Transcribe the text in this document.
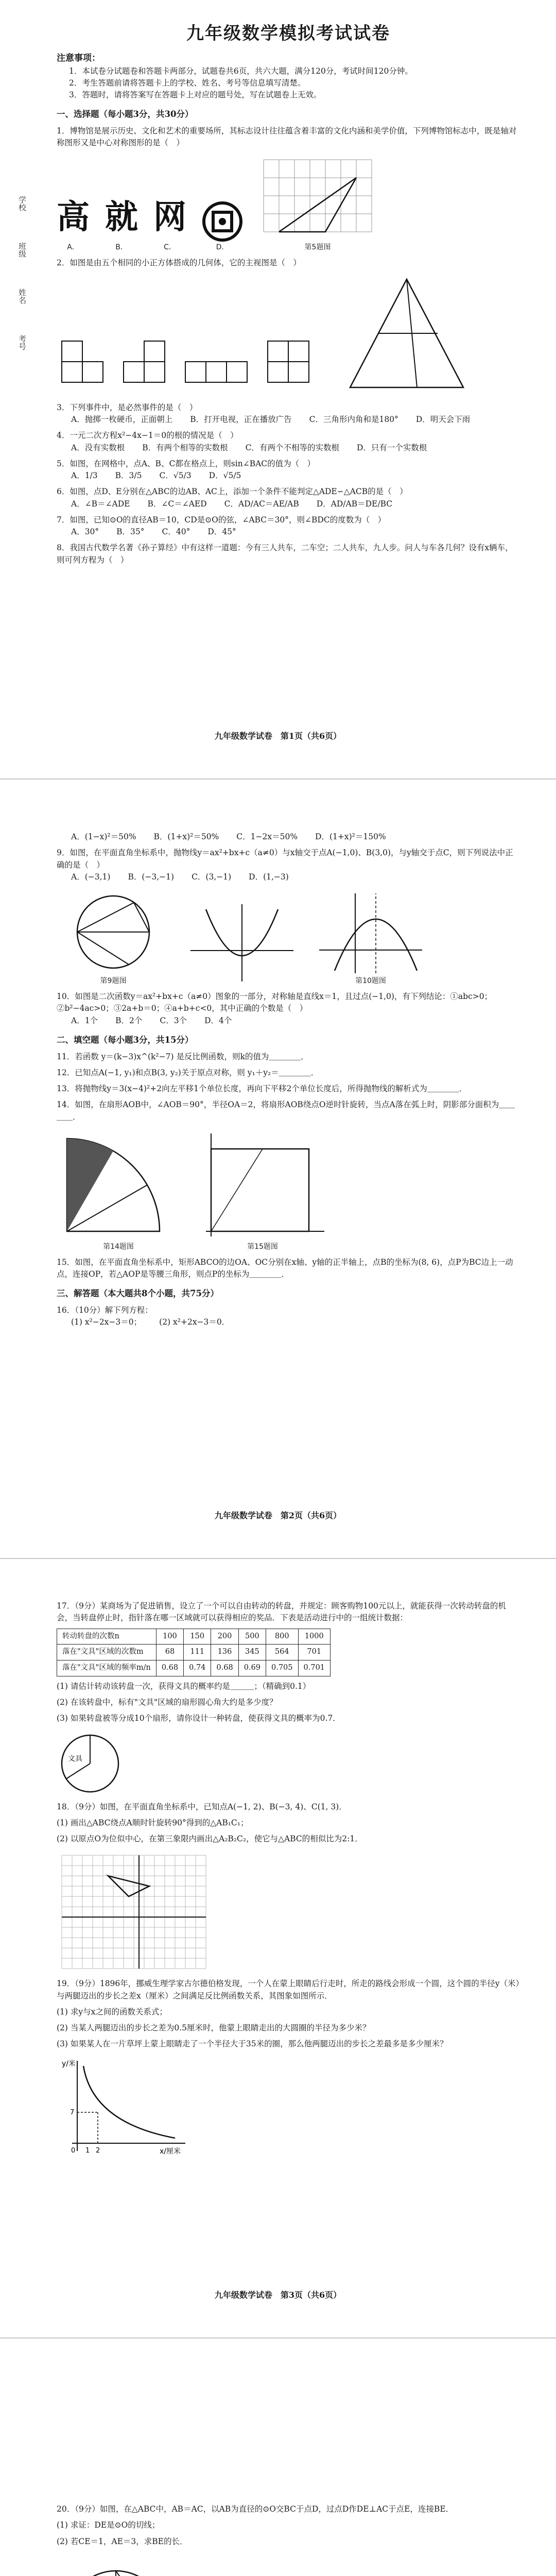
学校
班级
姓名
考号
九年级数学模拟考试试卷
注意事项：

1．本试卷分试题卷和答题卡两部分，试题卷共6页，共六大题，满分120分，考试时间120分钟。

2．考生答题前请将答题卡上的学校、姓名、考号等信息填写清楚。

3．答题时，请将答案写在答题卡上对应的题号处，写在试题卷上无效。

一、选择题（每小题3分，共30分）
1．博物馆是展示历史、文化和艺术的重要场所，其标志设计往往蕴含着丰富的文化内涵和美学价值，下列博物馆标志中，既是轴对称图形又是中心对称图形的是（　）
高
A．
就
B．
网
C．	D．	第5题图
2．如图是由五个相同的小正方体搭成的几何体，它的主视图是（　）
3．下列事件中，是必然事件的是（　）
A．抛掷一枚硬币，正面朝上 B．打开电视，正在播放广告 C．三角形内角和是180° D．明天会下雨
4．一元二次方程x²−4x−1＝0的根的情况是（　）
A．没有实数根 B．有两个相等的实数根 C．有两个不相等的实数根 D．只有一个实数根
5．如图，在网格中，点A、B、C都在格点上，则sin∠BAC的值为（　）
A．1/3 B．3/5 C．√5/3 D．√5/5
6．如图，点D、E分别在△ABC的边AB、AC上，添加一个条件不能判定△ADE∽△ACB的是（　）
A．∠B＝∠ADE B．∠C＝∠AED C．AD/AC＝AE/AB D．AD/AB＝DE/BC
7．如图，已知⊙O的直径AB＝10，CD是⊙O的弦，∠ABC＝30°，则∠BDC的度数为（　）
A．30° B．35° C．40° D．45°
8．我国古代数学名著《孙子算经》中有这样一道题：今有三人共车，二车空；二人共车，九人步。问人与车各几何？设有x辆车，则可列方程为（　）
九年级数学试卷　第1页（共6页）
A．(1−x)²＝50% B．(1+x)²＝50% C．1−2x＝50% D．(1+x)²＝150%
9．如图，在平面直角坐标系中，抛物线y＝ax²+bx+c（a≠0）与x轴交于点A(−1,0)、B(3,0)，与y轴交于点C，则下列说法中正确的是（　）
A．(−3,1) B．(−3,−1) C．(3,−1) D．(1,−3)
第9题图	第10题图
10．如图是二次函数y＝ax²+bx+c（a≠0）图象的一部分，对称轴是直线x＝1，且过点(−1,0)，有下列结论：①abc>0；②b²−4ac>0；③2a+b＝0；④a+b+c<0，其中正确的个数是（　）
A．1个 B．2个 C．3个 D．4个
二、填空题（每小题3分，共15分）
11．若函数 y＝(k−3)x^(k²−7) 是反比例函数，则k的值为＿＿＿＿．
12．已知点A(−1, y₁)和点B(3, y₂)关于原点对称，则 y₁＋y₂＝＿＿＿＿．
13．将抛物线y＝3(x−4)²+2向左平移1个单位长度，再向下平移2个单位长度后，所得抛物线的解析式为＿＿＿＿．
14．如图，在扇形AOB中，∠AOB＝90°，半径OA＝2，将扇形AOB绕点O逆时针旋转，当点A落在弧上时，阴影部分面积为＿＿＿＿．
第14题图	第15题图
15．如图，在平面直角坐标系中，矩形ABCO的边OA、OC分别在x轴、y轴的正半轴上，点B的坐标为(8, 6)，点P为BC边上一动点，连接OP，若△AOP是等腰三角形，则点P的坐标为＿＿＿＿．
三、解答题（本大题共8个小题，共75分）
16．（10分）解下列方程：
(1) x²−2x−3＝0； (2) x²+2x−3＝0．
九年级数学试卷　第2页（共6页）
17．（9分）某商场为了促进销售，设立了一个可以自由转动的转盘，并规定：顾客购物100元以上，就能获得一次转动转盘的机会，当转盘停止时，指针落在哪一区域就可以获得相应的奖品．下表是活动进行中的一组统计数据：
转动转盘的次数n	100	150	200	500	800	1000
落在"文具"区域的次数m	68	111	136	345	564	701
落在"文具"区域的频率m/n	0.68	0.74	0.68	0.69	0.705	0.701
(1) 请估计转动该转盘一次，获得文具的概率约是＿＿＿；（精确到0.1）
(2) 在该转盘中，标有"文具"区域的扇形圆心角大约是多少度？
(3) 如果转盘被等分成10个扇形，请你设计一种转盘，使获得文具的概率为0.7．
文具
18．（9分）如图，在平面直角坐标系中，已知点A(−1, 2)、B(−3, 4)、C(1, 3)．
(1) 画出△ABC绕点A顺时针旋转90°得到的△AB₁C₁；
(2) 以原点O为位似中心，在第三象限内画出△A₂B₂C₂，使它与△ABC的相似比为2:1．
19．（9分）1896年，挪威生理学家古尔德伯格发现，一个人在蒙上眼睛后行走时，所走的路线会形成一个圆，这个圆的半径y（米）与两腿迈出的步长之差x（厘米）之间满足反比例函数关系，其图象如图所示．
(1) 求y与x之间的函数关系式；
(2) 当某人两腿迈出的步长之差为0.5厘米时，他蒙上眼睛走出的大圆圈的半径为多少米？
(3) 如果某人在一片草坪上蒙上眼睛走了一个半径大于35米的圈，那么他两腿迈出的步长之差最多是多少厘米？
y/米
x/厘米
0 1 2
7
九年级数学试卷　第3页（共6页）
20．（9分）如图，在△ABC中，AB＝AC，以AB为直径的⊙O交BC于点D，过点D作DE⊥AC于点E，连接BE．
(1) 求证：DE是⊙O的切线；
(2) 若CE＝1，AE＝3，求BE的长．
